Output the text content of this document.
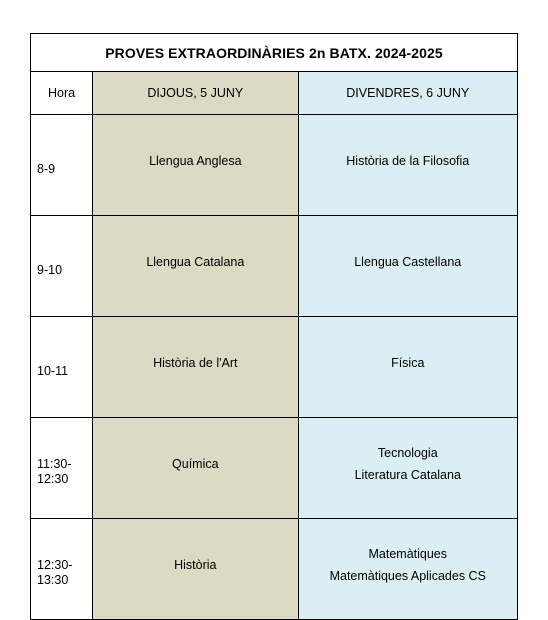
PROVES EXTRAORDINÀRIES 2n BATX. 2024-2025		
Hora	DIJOUS, 5 JUNY	DIVENDRES, 6 JUNY

8-9	Llengua Anglesa	Història de la Filosofia

9-10	Llengua Catalana	Llengua Castellana

10-11	Història de l'Art	Física

11:30-
12:30	Química	Tecnologia
Literatura Catalana

12:30-
13:30	Història	Matemàtiques
Matemàtiques Aplicades CS
